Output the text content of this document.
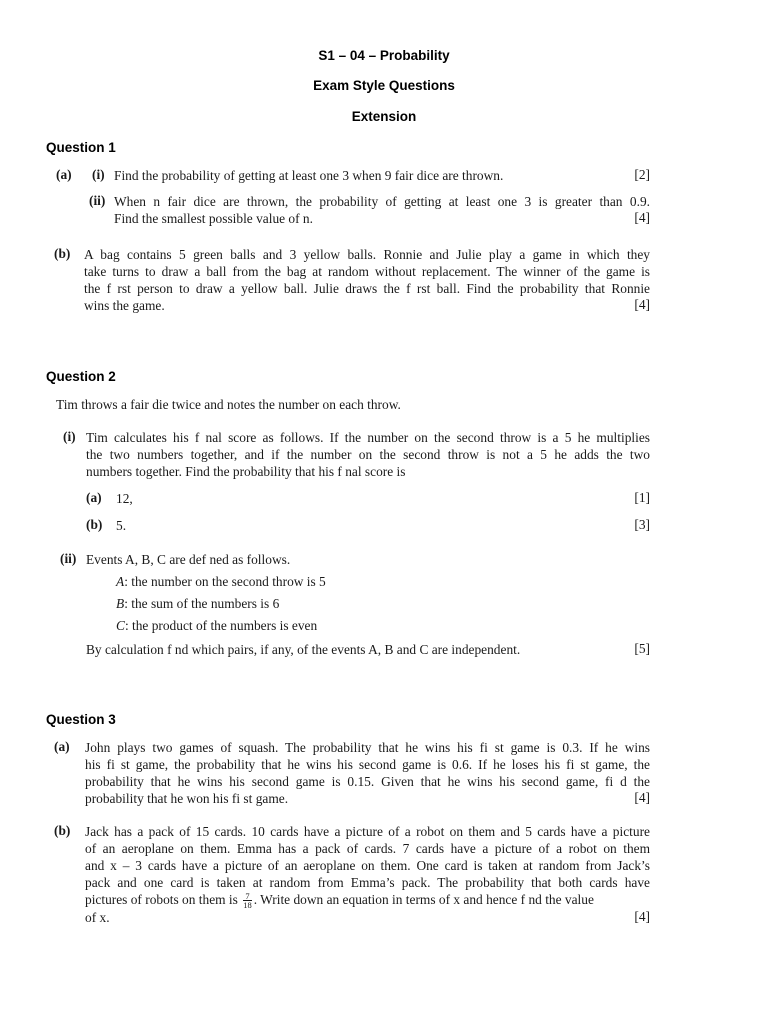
S1 – 04 – Probability
Exam Style Questions
Extension
Question 1
(a) (i) Find the probability of getting at least one 3 when 9 fair dice are thrown.	[2]
(ii) When n fair dice are thrown, the probability of getting at least one 3 is greater than 0.9.
Find the smallest possible value of n.	[4]
(b) A bag contains 5 green balls and 3 yellow balls. Ronnie and Julie play a game in which they
take turns to draw a ball from the bag at random without replacement. The winner of the game is
the f rst person to draw a yellow ball. Julie draws the f rst ball. Find the probability that Ronnie
wins the game.	[4]
Question 2
Tim throws a fair die twice and notes the number on each throw.
(i) Tim calculates his f nal score as follows. If the number on the second throw is a 5 he multiplies
the two numbers together, and if the number on the second throw is not a 5 he adds the two
numbers together. Find the probability that his f nal score is
(a) 12,	[1]
(b) 5.	[3]
(ii) Events A, B, C are def ned as follows.
A: the number on the second throw is 5
B: the sum of the numbers is 6
C: the product of the numbers is even
By calculation f nd which pairs, if any, of the events A, B and C are independent.	[5]
Question 3
(a) John plays two games of squash. The probability that he wins his fi st game is 0.3. If he wins
his fi st game, the probability that he wins his second game is 0.6. If he loses his fi st game, the
probability that he wins his second game is 0.15. Given that he wins his second game, fi d the
probability that he won his fi st game.	[4]
(b) Jack has a pack of 15 cards. 10 cards have a picture of a robot on them and 5 cards have a picture
of an aeroplane on them. Emma has a pack of cards. 7 cards have a picture of a robot on them
and x – 3 cards have a picture of an aeroplane on them. One card is taken at random from Jack’s
pack and one card is taken at random from Emma’s pack. The probability that both cards have
pictures of robots on them is $\frac{7}{18}$ . Write down an equation in terms of x and hence f nd the value
of x.	[4]
